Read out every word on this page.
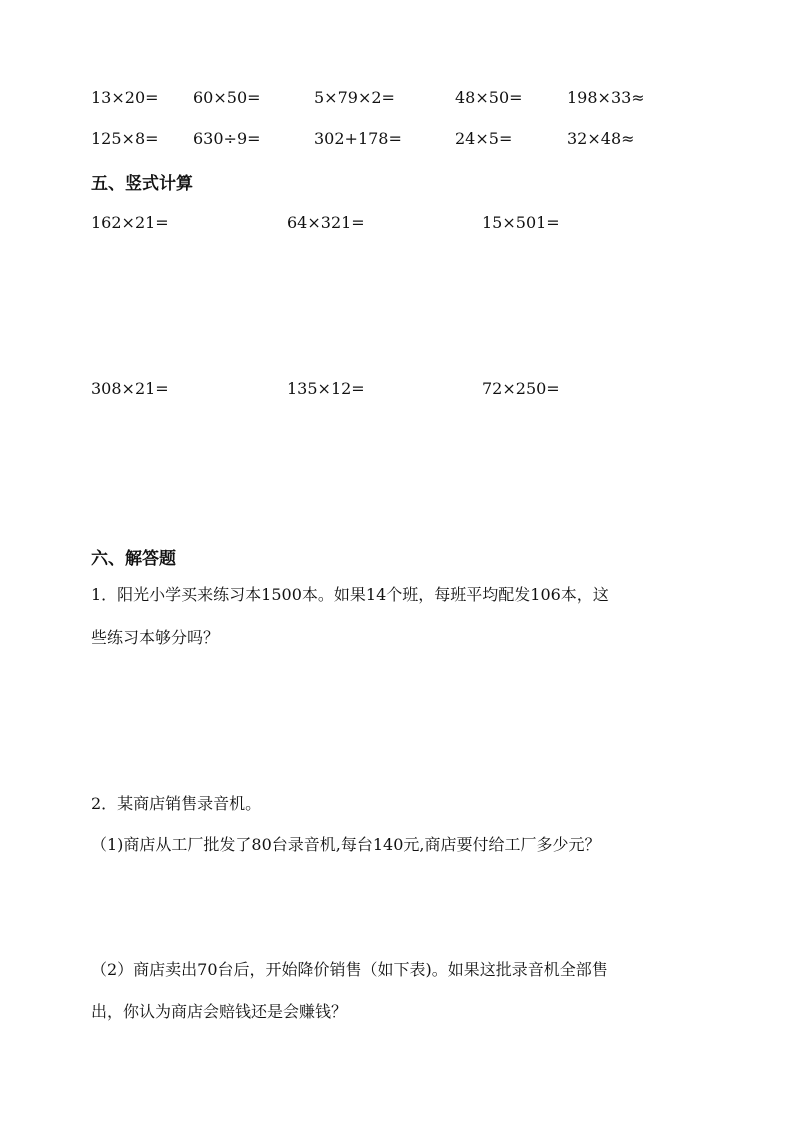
13×20= 60×50=	5×79×2=	48×50=	198×33≈
125×8= 630÷9=	302+178=	24×5=	32×48≈
五、竖式计算
162×21=	64×321=	15×501=
308×21=	135×12=	72×250=
六、解答题
1．阳光小学买来练习本1500本。如果14个班，每班平均配发106本，这
些练习本够分吗？
2．某商店销售录音机。
（1)商店从工厂批发了80台录音机,每台140元,商店要付给工厂多少元？
（2）商店卖出70台后，开始降价销售（如下表)。如果这批录音机全部售
出，你认为商店会赔钱还是会赚钱？
